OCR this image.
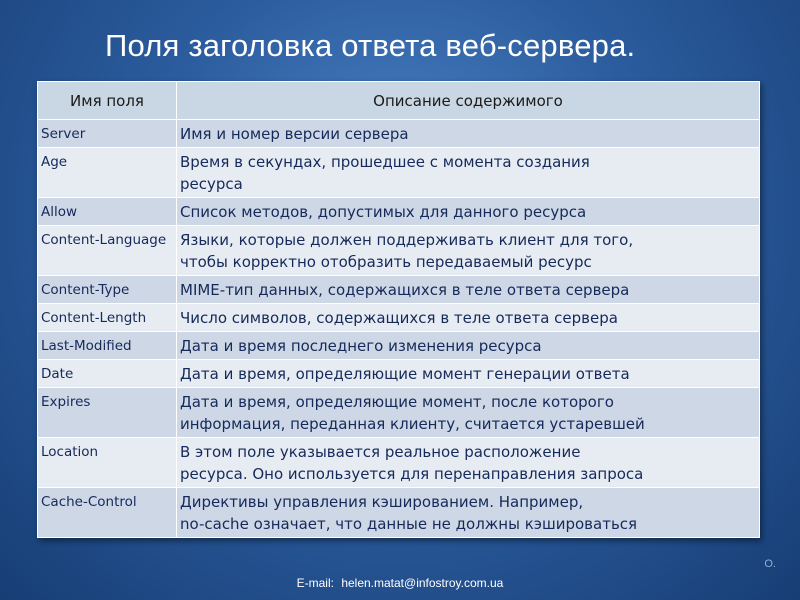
Поля заголовка ответа веб-сервера.
Имя поля	Описание содержимого
Server	Имя и номер версии сервера

Age	Время в секундах, прошедшее с момента создания
ресурса

Allow	Список методов, допустимых для данного ресурса

Content-Language	Языки, которые должен поддерживать клиент для того,
чтобы корректно отобразить передаваемый ресурс

Content-Type	MIME-тип данных, содержащихся в теле ответа сервера

Content-Length	Число символов, содержащихся в теле ответа сервера

Last-Modified	Дата и время последнего изменения ресурса

Date	Дата и время, определяющие момент генерации ответа

Expires	Дата и время, определяющие момент, после которого
информация, переданная клиенту, считается устаревшей

Location	В этом поле указывается реальное расположение
ресурса. Оно используется для перенаправления запроса

Cache-Control	Директивы управления кэшированием. Например,
no-cache означает, что данные не должны кэшироваться
O.
E-mail: helen.matat@infostroy.com.ua
